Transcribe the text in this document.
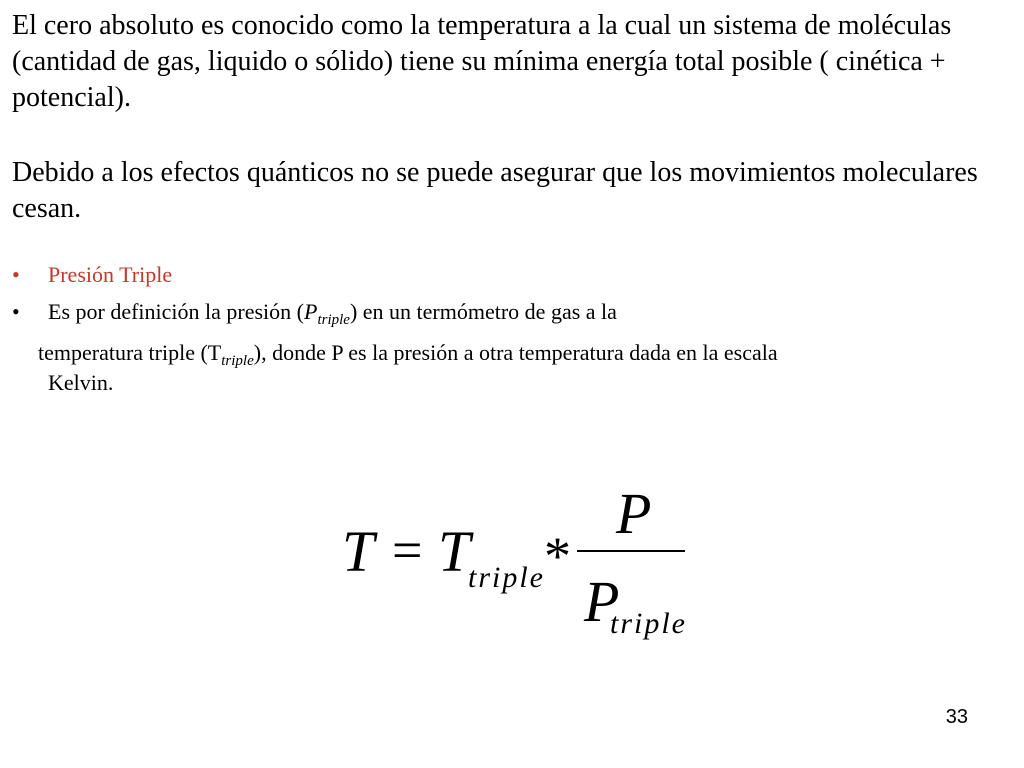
El cero absoluto es conocido como la temperatura a la cual un sistema de moléculas (cantidad de gas, liquido o sólido) tiene su mínima energía total posible ( cinética + potencial).

Debido a los efectos quánticos no se puede asegurar que los movimientos moleculares cesan.

• Presión Triple
• Es por definición la presión $(P_{triple})$ en un termómetro de gas a la
temperatura triple $(T_{triple})$, donde P es la presión a otra temperatura dada en la escala
Kelvin.
T = T
triple *
P
P
triple
33
